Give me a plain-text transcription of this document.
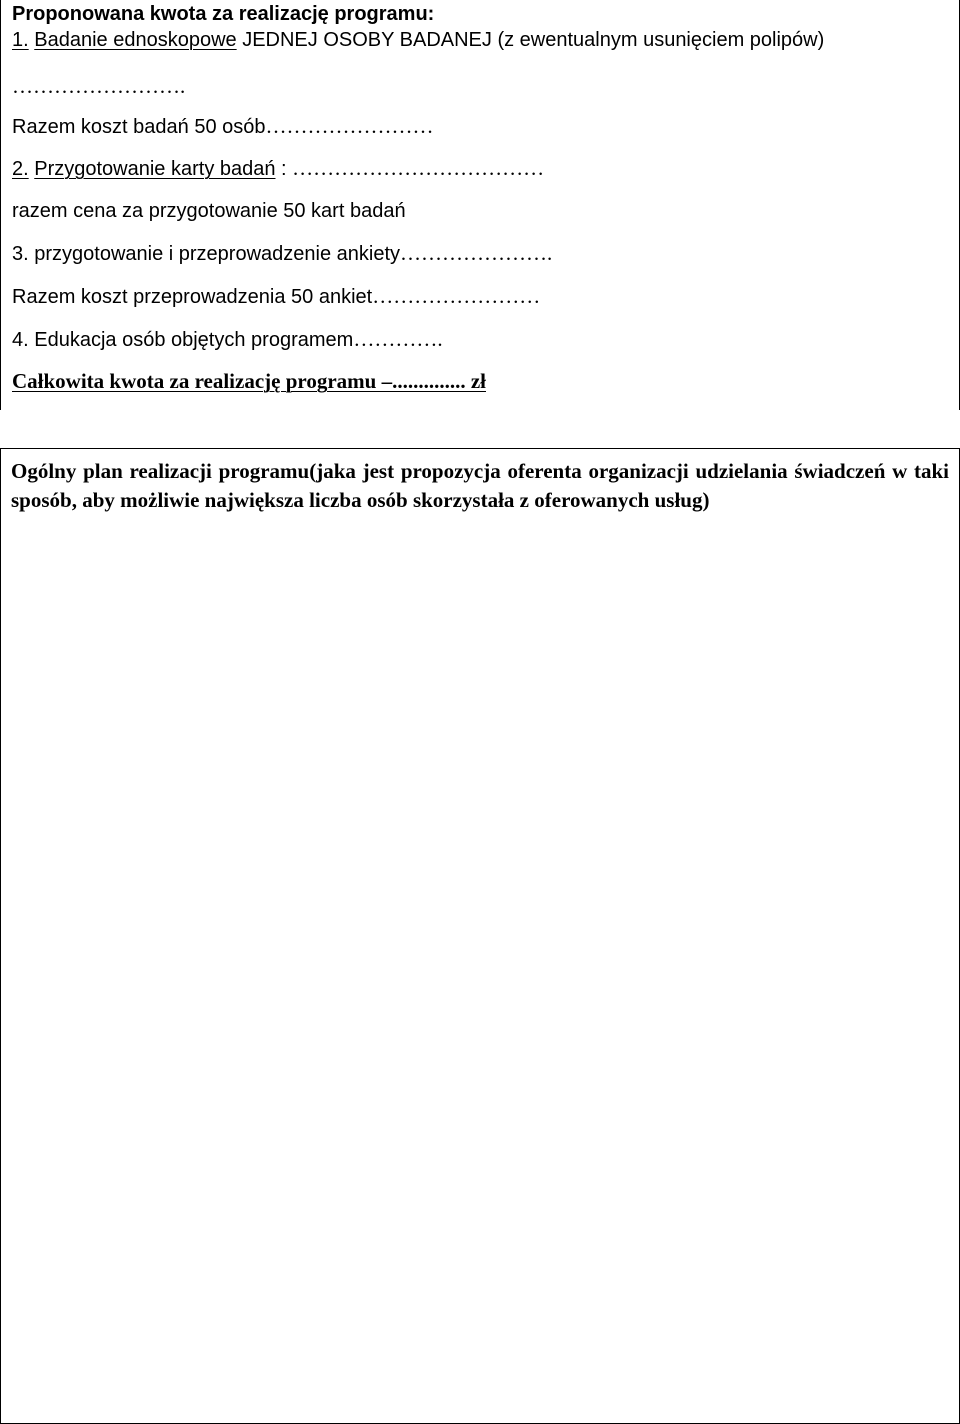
Proponowana kwota za realizację programu:
1. Badanie ednoskopowe JEDNEJ OSOBY BADANEJ (z ewentualnym usunięciem polipów)
…………………….
Razem koszt badań 50 osób……………………
2. Przygotowanie karty badań : ………………………………
razem cena za przygotowanie 50 kart badań
3. przygotowanie i przeprowadzenie ankiety………………….
Razem koszt przeprowadzenia 50 ankiet……………………
4. Edukacja osób objętych programem………….
Całkowita kwota za realizację programu –.............. zł
Ogólny plan realizacji programu(jaka jest propozycja oferenta organizacji udzielania świadczeń w taki sposób, aby możliwie największa liczba osób skorzystała z oferowanych usług)
